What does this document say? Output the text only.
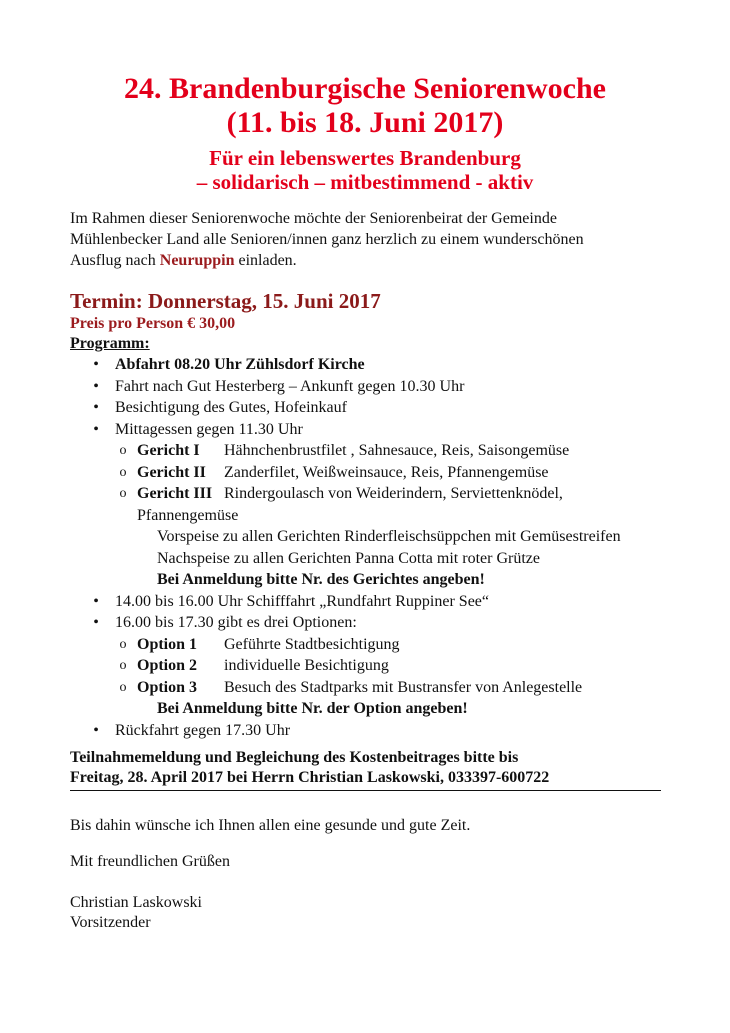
24. Brandenburgische Seniorenwoche
(11. bis 18. Juni 2017)
Für ein lebenswertes Brandenburg
– solidarisch – mitbestimmend - aktiv
Im Rahmen dieser Seniorenwoche möchte der Seniorenbeirat der Gemeinde
Mühlenbecker Land alle Senioren/innen ganz herzlich zu einem wunderschönen
Ausflug nach Neuruppin einladen.
Termin: Donnerstag, 15. Juni 2017
Preis pro Person € 30,00
Programm:
• Abfahrt 08.20 Uhr Zühlsdorf Kirche
• Fahrt nach Gut Hesterberg – Ankunft gegen 10.30 Uhr
• Besichtigung des Gutes, Hofeinkauf
• Mittagessen gegen 11.30 Uhr
o Gericht I Hähnchenbrustfilet , Sahnesauce, Reis, Saisongemüse
o Gericht II Zanderfilet, Weißweinsauce, Reis, Pfannengemüse
o Gericht III Rindergoulasch von Weiderindern, Serviettenknödel,
Pfannengemüse
Vorspeise zu allen Gerichten Rinderfleischsüppchen mit Gemüsestreifen
Nachspeise zu allen Gerichten Panna Cotta mit roter Grütze
Bei Anmeldung bitte Nr. des Gerichtes angeben!
• 14.00 bis 16.00 Uhr Schifffahrt „Rundfahrt Ruppiner See“
• 16.00 bis 17.30 gibt es drei Optionen:
o Option 1 Geführte Stadtbesichtigung
o Option 2 individuelle Besichtigung
o Option 3 Besuch des Stadtparks mit Bustransfer von Anlegestelle
Bei Anmeldung bitte Nr. der Option angeben!
• Rückfahrt gegen 17.30 Uhr
Teilnahmemeldung und Begleichung des Kostenbeitrages bitte bis
Freitag, 28. April 2017 bei Herrn Christian Laskowski, 033397-600722
Bis dahin wünsche ich Ihnen allen eine gesunde und gute Zeit.
Mit freundlichen Grüßen
Christian Laskowski
Vorsitzender
